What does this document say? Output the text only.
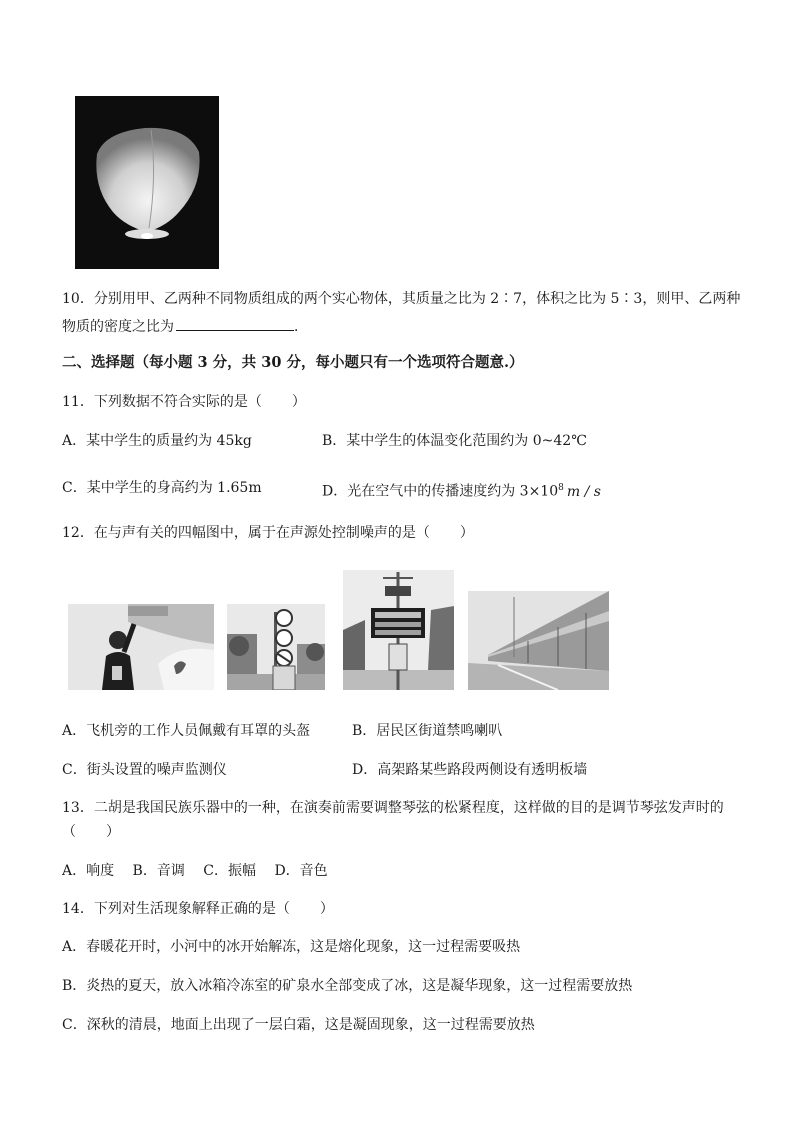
10．分别用甲、乙两种不同物质组成的两个实心物体，其质量之比为 2∶7，体积之比为 5∶3，则甲、乙两种
物质的密度之比为	．
二、选择题（每小题 3 分，共 30 分，每小题只有一个选项符合题意.）
11．下列数据不符合实际的是（ ）
A．某中学生的质量约为 45kg	B．某中学生的体温变化范围约为 0~42℃
C．某中学生的身高约为 1.65m	D．光在空气中的传播速度约为 $3\times 10^8$ m / s
12．在与声有关的四幅图中，属于在声源处控制噪声的是（ ）
A．飞机旁的工作人员佩戴有耳罩的头盔	B．居民区街道禁鸣喇叭
C．街头设置的噪声监测仪	D．高架路某些路段两侧设有透明板墙
13．二胡是我国民族乐器中的一种，在演奏前需要调整琴弦的松紧程度，这样做的目的是调节琴弦发声时的
（ ）
A．响度　 B．音调　 C．振幅　 D．音色
14．下列对生活现象解释正确的是（ ）
A．春暖花开时，小河中的冰开始解冻，这是熔化现象，这一过程需要吸热
B．炎热的夏天，放入冰箱冷冻室的矿泉水全部变成了冰，这是凝华现象，这一过程需要放热
C．深秋的清晨，地面上出现了一层白霜，这是凝固现象，这一过程需要放热
